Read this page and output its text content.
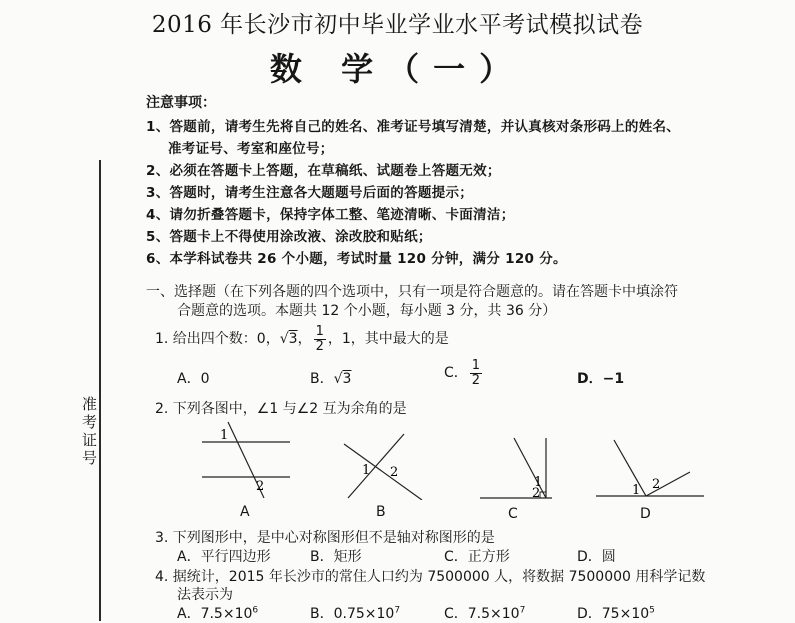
2016 年长沙市初中毕业学业水平考试模拟试卷
数 学（一）
注意事项：
1、答题前，请考生先将自己的姓名、准考证号填写清楚，并认真核对条形码上的姓名、
准考证号、考室和座位号；
2、必须在答题卡上答题，在草稿纸、试题卷上答题无效；
3、答题时，请考生注意各大题题号后面的答题提示；
4、请勿折叠答题卡，保持字体工整、笔迹清晰、卡面清洁；
5、答题卡上不得使用涂改液、涂改胶和贴纸；
6、本学科试卷共 26 个小题，考试时量 120 分钟，满分 120 分。
准考证号
一、选择题（在下列各题的四个选项中，只有一项是符合题意的。请在答题卡中填涂符
合题意的选项。本题共 12 个小题，每小题 3 分，共 36 分）
1. 给出四个数：0，√3， $\frac{1}{2}$ ，1，其中最大的是
A．0	B．√3	C． $\frac{1}{2}$	D．−1
2. 下列各图中，∠1 与∠2 互为余角的是
1
2
A
1 2
B
1
2
C
1 2
D
3. 下列图形中，是中心对称图形但不是轴对称图形的是
A．平行四边形	B．矩形	C．正方形	D．圆
4. 据统计，2015 年长沙市的常住人口约为 7500000 人，将数据 7500000 用科学记数
法表示为
A．$7.5\times 10^6$	B．$0.75\times 10^7$	C．$7.5\times 10^7$	D．$75\times 10^5$
